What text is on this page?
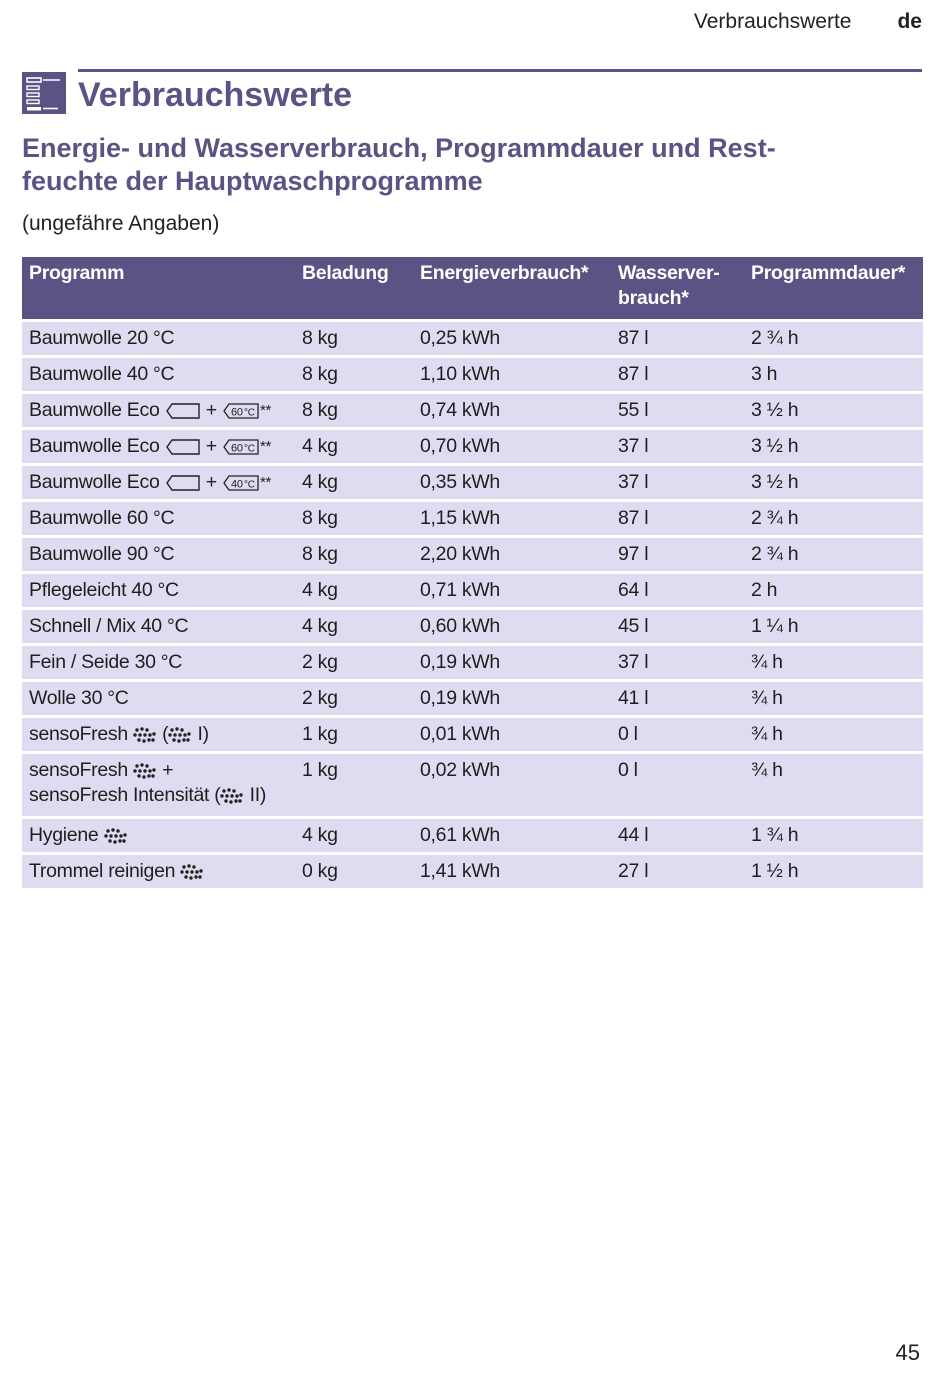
Verbrauchswerte de
Verbrauchswerte
Energie- und Wasserverbrauch, Programmdauer und Rest-
feuchte der Hauptwaschprogramme

(ungefähre Angaben)

Programm	Beladung	Energieverbrauch*	Wasserver-
brauch*	Programmdauer*
Baumwolle 20 °C	8 kg	0,25 kWh	87 l	2 ¾ h
Baumwolle 40 °C	8 kg	1,10 kWh	87 l	3 h
Baumwolle Eco + 60 °C **	8 kg	0,74 kWh	55 l	3 ½ h
Baumwolle Eco + 60 °C **	4 kg	0,70 kWh	37 l	3 ½ h
Baumwolle Eco + 40 °C **	4 kg	0,35 kWh	37 l	3 ½ h
Baumwolle 60 °C	8 kg	1,15 kWh	87 l	2 ¾ h
Baumwolle 90 °C	8 kg	2,20 kWh	97 l	2 ¾ h
Pflegeleicht 40 °C	4 kg	0,71 kWh	64 l	2 h
Schnell / Mix 40 °C	4 kg	0,60 kWh	45 l	1 ¼ h
Fein / Seide 30 °C	2 kg	0,19 kWh	37 l	¾ h
Wolle 30 °C	2 kg	0,19 kWh	41 l	¾ h
sensoFresh ( I)	1 kg	0,01 kWh	0 l	¾ h
sensoFresh +
sensoFresh Intensität ( II)	1 kg	0,02 kWh	0 l	¾ h
Hygiene	4 kg	0,61 kWh	44 l	1 ¾ h
Trommel reinigen	0 kg	1,41 kWh	27 l	1 ½ h
45
